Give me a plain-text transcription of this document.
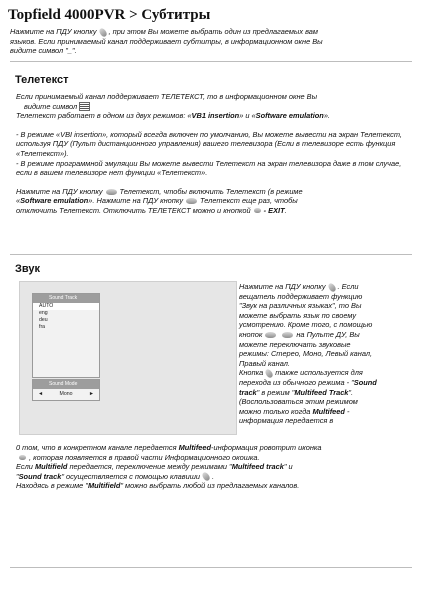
Topfield 4000PVR > Субтитры

Нажмите на ПДУ кнопку , при этом Вы можете выбрать один из предлагаемых вам

языков. Если принимаемый канал поддерживает субтитры, в информационном окне Вы

видите символ "_".

Телетекст

Если принимаемый канал поддерживает ТЕЛЕТЕКСТ, то в информационном окне Вы

видите символ

Телетекст работает в одном из двух режимов: «VB1 insertion» и «Software emulation».

- В режиме «VBI insertion», который всегда включен по умолчанию, Вы можете вывести на экран Телетекст, используя ПДУ (Пульт дистанционного управления) вашего телевизора (Если в телевизоре есть функция «Телетекст»).

- В режиме программной эмуляции Вы можете вывести Телетекст на экран телевизора даже в том случае, если в вашем телевизоре нет функции «Телетекст».

Нажмите на ПДУ кнопку Телетекст, чтобы включить Телетекст (в режиме

«Software emulation». Нажмите на ПДУ кнопку Телетекст еще раз, чтобы

отключить Телетекст. Отключить ТЕЛЕТЕКСТ можно и кнопкой - EXIT.

Звук
Sound Track
AUTO
eng
deu
fra
Sound Mode
◄	Mono	►

Нажмите на ПДУ кнопку . Если

вещатель поддерживает функцию

"Звук на различных языках", то Вы

можете выбрать язык по своему

усмотрению. Кроме того, с помощью

кнопок	на Пульте ДУ, Вы

можете переключать звуковые

режимы: Стерео, Моно, Левый канал,

Правый канал.

Кнопка также используется для

перехода из обычного режима - "Sound

track" в режим "Multifeed Track".

(Воспользоваться этим режимом

можно только когда Multifeed -

информация передается в

0 том, что в конкретном канале передается Multifeed-информация ровотрит иконка

, которая появляется в правой части Информационного окошка.

Если Multifield передается, переключение между режимами "Multifeed track" и

"Sound track" осуществляется с помощью клавиши .

Находясь в режиме "Multifield" можно выбрать любой из предлагаемых каналов.
